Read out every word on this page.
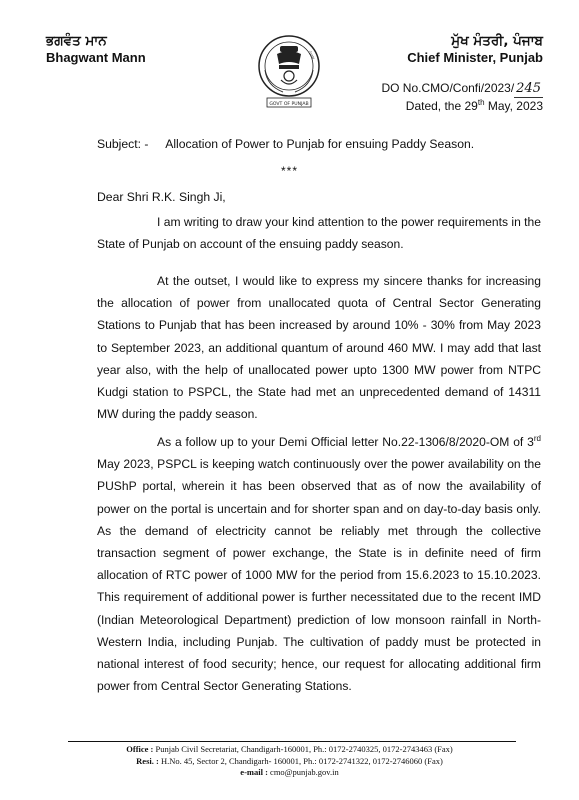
ਭਗਵੰਤ ਮਾਨ
Bhagwant Mann	ਪੰਜਾਬ
GOVT OF PUNJAB
ਮੁੱਖ ਮੰਤਰੀ, ਪੰਜਾਬ
Chief Minister, Punjab
DO No.CMO/Confi/2023/ 245
Dated, the 29th May, 2023
Subject: - Allocation of Power to Punjab for ensuing Paddy Season.
***
Dear Shri R.K. Singh Ji,
I am writing to draw your kind attention to the power requirements in the State of Punjab on account of the ensuing paddy season.
At the outset, I would like to express my sincere thanks for increasing the allocation of power from unallocated quota of Central Sector Generating Stations to Punjab that has been increased by around 10% - 30% from May 2023 to September 2023, an additional quantum of around 460 MW. I may add that last year also, with the help of unallocated power upto 1300 MW power from NTPC Kudgi station to PSPCL, the State had met an unprecedented demand of 14311 MW during the paddy season.
As a follow up to your Demi Official letter No.22-1306/8/2020-OM of 3rd May 2023, PSPCL is keeping watch continuously over the power availability on the PUShP portal, wherein it has been observed that as of now the availability of power on the portal is uncertain and for shorter span and on day-to-day basis only. As the demand of electricity cannot be reliably met through the collective transaction segment of power exchange, the State is in definite need of firm allocation of RTC power of 1000 MW for the period from 15.6.2023 to 15.10.2023. This requirement of additional power is further necessitated due to the recent IMD (Indian Meteorological Department) prediction of low monsoon rainfall in North-Western India, including Punjab. The cultivation of paddy must be protected in national interest of food security; hence, our request for allocating additional firm power from Central Sector Generating Stations.
Office : Punjab Civil Secretariat, Chandigarh-160001, Ph.: 0172-2740325, 0172-2743463 (Fax)
Resi. : H.No. 45, Sector 2, Chandigarh- 160001, Ph.: 0172-2741322, 0172-2746060 (Fax)
e-mail : cmo@punjab.gov.in
